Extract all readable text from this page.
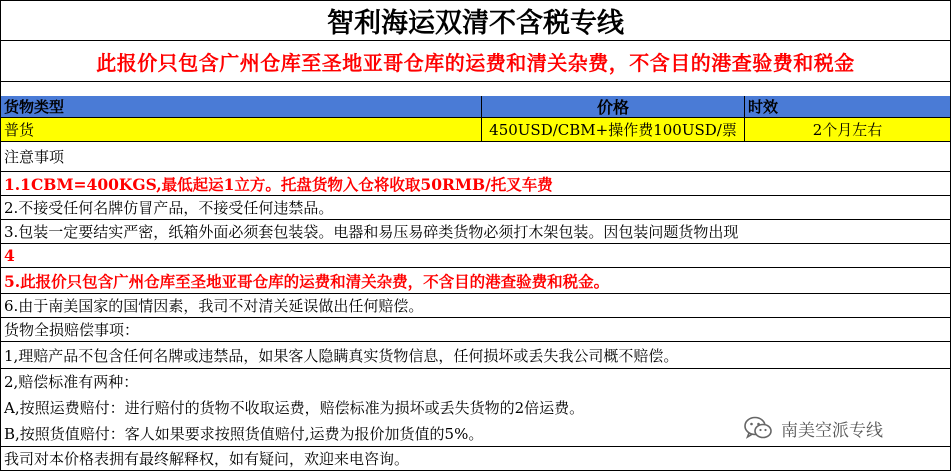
智利海运双清不含税专线
此报价只包含广州仓库至圣地亚哥仓库的运费和清关杂费，不含目的港查验费和税金
货物类型	价格	时效
普货	450USD/CBM+操作费100USD/票	2个月左右
注意事项
1.1CBM=400KGS,最低起运1立方。托盘货物入仓将收取50RMB/托叉车费
2.不接受任何名牌仿冒产品，不接受任何违禁品。
3.包装一定要结实严密，纸箱外面必须套包装袋。电器和易压易碎类货物必须打木架包装。因包装问题货物出现
4
5.此报价只包含广州仓库至圣地亚哥仓库的运费和清关杂费，不含目的港查验费和税金。
6.由于南美国家的国情因素，我司不对清关延误做出任何赔偿。
货物全损赔偿事项：
1,理赔产品不包含任何名牌或违禁品，如果客人隐瞒真实货物信息，任何损坏或丢失我公司概不赔偿。
2,赔偿标准有两种：
A,按照运费赔付：进行赔付的货物不收取运费，赔偿标准为损坏或丢失货物的2倍运费。
B,按照货值赔付：客人如果要求按照货值赔付,运费为报价加货值的5%。
我司对本价格表拥有最终解释权，如有疑问，欢迎来电咨询。
南美空派专线
